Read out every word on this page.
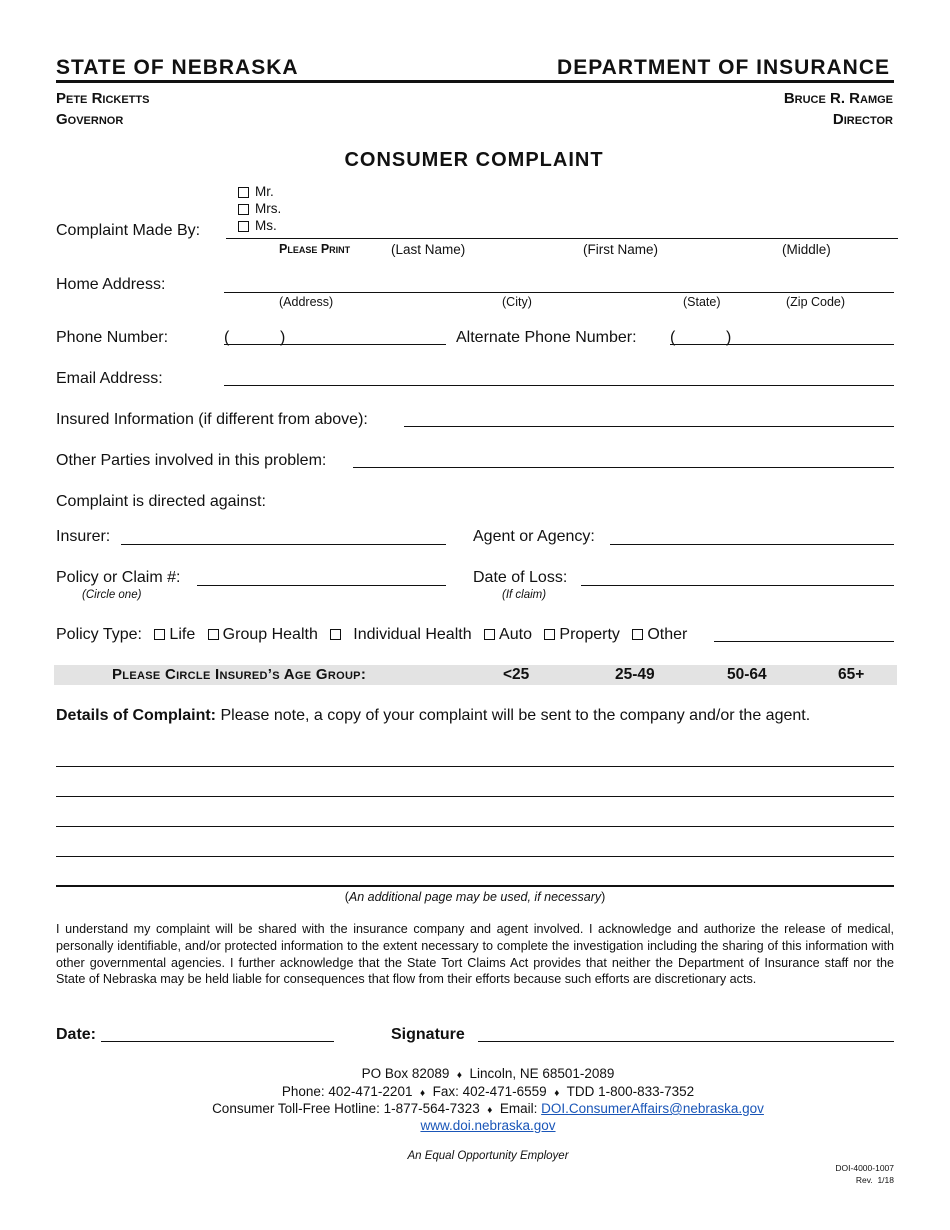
STATE OF NEBRASKA	DEPARTMENT OF INSURANCE
Pete Ricketts
Governor
Bruce R. Ramge
Director
CONSUMER COMPLAINT
Mr.
Mrs.
Ms.
Complaint Made By:
Please Print	(Last Name)	(First Name)	(Middle)
Home Address:
(Address)	(City)	(State)	(Zip Code)
Phone Number:	(	)	Alternate Phone Number: (	)
Email Address:
Insured Information (if different from above):
Other Parties involved in this problem:
Complaint is directed against:
Insurer:	Agent or Agency:
Policy or Claim #:
(Circle one)
Date of Loss:
(If claim)
Policy Type: Life Group Health Individual Health Auto Property Other
Please Circle Insured’s Age Group:	<25	25-49	50-64	65+
Details of Complaint: Please note, a copy of your complaint will be sent to the company and/or the agent.
(An additional page may be used, if necessary)
I understand my complaint will be shared with the insurance company and agent involved. I acknowledge and authorize the release of medical, personally identifiable, and/or protected information to the extent necessary to complete the investigation including the sharing of this information with other governmental agencies. I further acknowledge that the State Tort Claims Act provides that neither the Department of Insurance staff nor the State of Nebraska may be held liable for consequences that flow from their efforts because such efforts are discretionary acts.
Date:	Signature
PO Box 82089 ♦ Lincoln, NE 68501-2089
Phone: 402-471-2201 ♦ Fax: 402-471-6559 ♦ TDD 1-800-833-7352
Consumer Toll-Free Hotline: 1-877-564-7323 ♦ Email: DOI.ConsumerAffairs@nebraska.gov
www.doi.nebraska.gov
An Equal Opportunity Employer
DOI-4000-1007
Rev.  1/18
